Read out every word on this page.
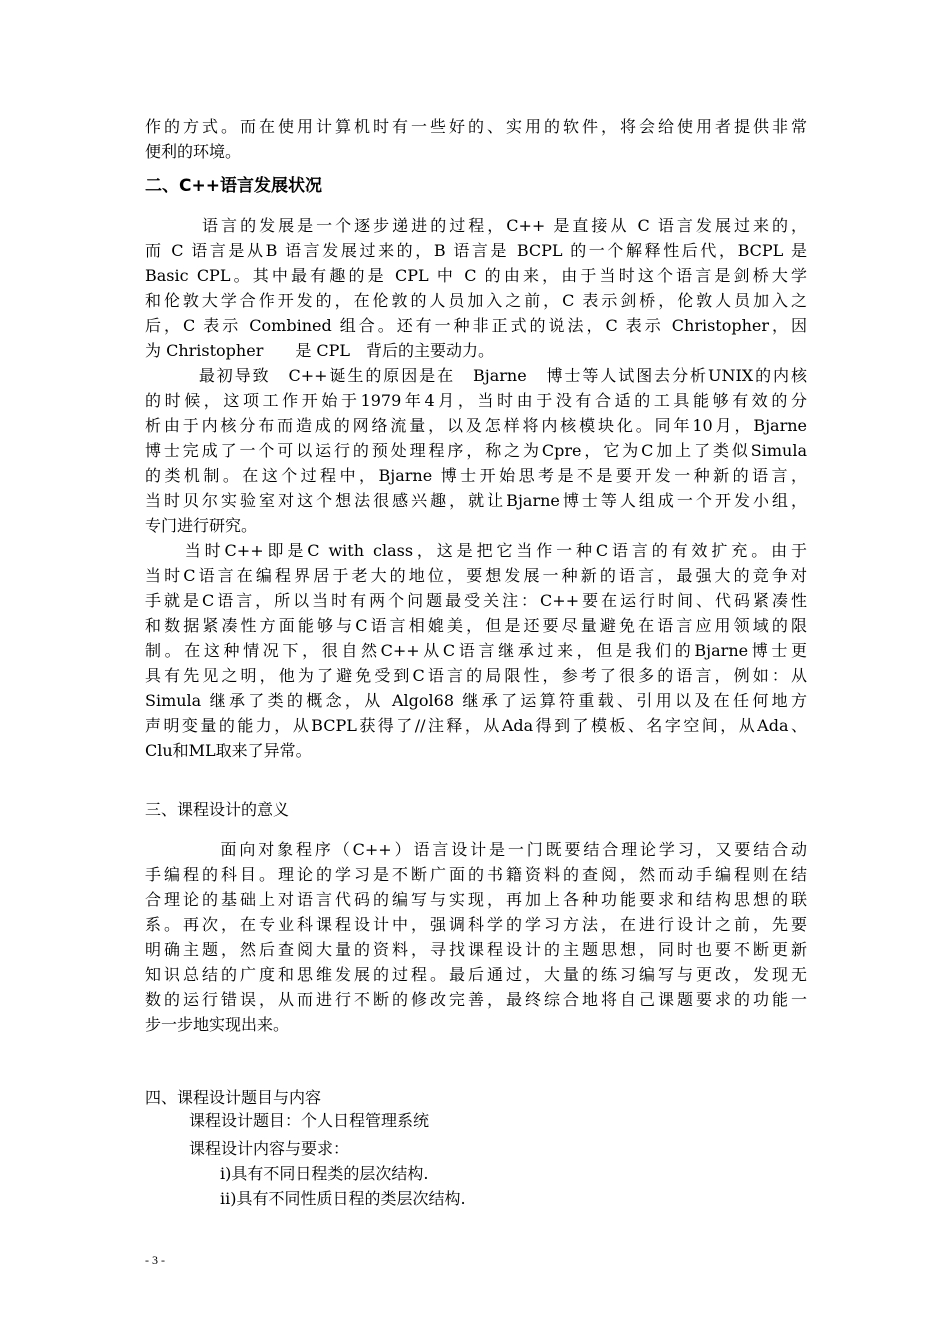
作的方式。而在使用计算机时有一些好的、实用的软件，将会给使用者提供非常
便利的环境。
二、C++语言发展状况
　　　语言的发展是一个逐步递进的过程，C++ 是直接从 C 语言发展过来的，
而 C 语言是从B 语言发展过来的，B 语言是 BCPL 的一个解释性后代，BCPL 是
Basic CPL。其中最有趣的是 CPL 中 C 的由来，由于当时这个语言是剑桥大学
和伦敦大学合作开发的，在伦敦的人员加入之前，C 表示剑桥，伦敦人员加入之
后，C 表示 Combined 组合。还有一种非正式的说法，C 表示 Christopher，因
为 Christopher　　是 CPL　背后的主要动力。
　　　最初导致　C++诞生的原因是在　Bjarne　博士等人试图去分析UNIX的内核
的时候，这项工作开始于1979年4月，当时由于没有合适的工具能够有效的分
析由于内核分布而造成的网络流量，以及怎样将内核模块化。同年10月，Bjarne
博士完成了一个可以运行的预处理程序，称之为Cpre，它为C加上了类似Simula
的类机制。在这个过程中，Bjarne 博士开始思考是不是要开发一种新的语言，
当时贝尔实验室对这个想法很感兴趣，就让Bjarne博士等人组成一个开发小组，
专门进行研究。
　　当时C++即是C with class，这是把它当作一种C语言的有效扩充。由于
当时C语言在编程界居于老大的地位，要想发展一种新的语言，最强大的竞争对
手就是C语言，所以当时有两个问题最受关注：C++要在运行时间、代码紧凑性
和数据紧凑性方面能够与C语言相媲美，但是还要尽量避免在语言应用领域的限
制。在这种情况下，很自然C++从C语言继承过来，但是我们的Bjarne博士更
具有先见之明，他为了避免受到C语言的局限性，参考了很多的语言，例如：从
Simula 继承了类的概念，从 Algol68 继承了运算符重载、引用以及在任何地方
声明变量的能力，从BCPL获得了//注释，从Ada得到了模板、名字空间，从Ada、
Clu和ML取来了异常。
三、课程设计的意义
　　　　面向对象程序（C++）语言设计是一门既要结合理论学习，又要结合动
手编程的科目。理论的学习是不断广面的书籍资料的查阅，然而动手编程则在结
合理论的基础上对语言代码的编写与实现，再加上各种功能要求和结构思想的联
系。再次，在专业科课程设计中，强调科学的学习方法，在进行设计之前，先要
明确主题，然后查阅大量的资料，寻找课程设计的主题思想，同时也要不断更新
知识总结的广度和思维发展的过程。最后通过，大量的练习编写与更改，发现无
数的运行错误，从而进行不断的修改完善，最终综合地将自己课题要求的功能一
步一步地实现出来。
四、课程设计题目与内容
课程设计题目：个人日程管理系统
课程设计内容与要求：
i)具有不同日程类的层次结构.
ii)具有不同性质日程的类层次结构.
- 3 -
